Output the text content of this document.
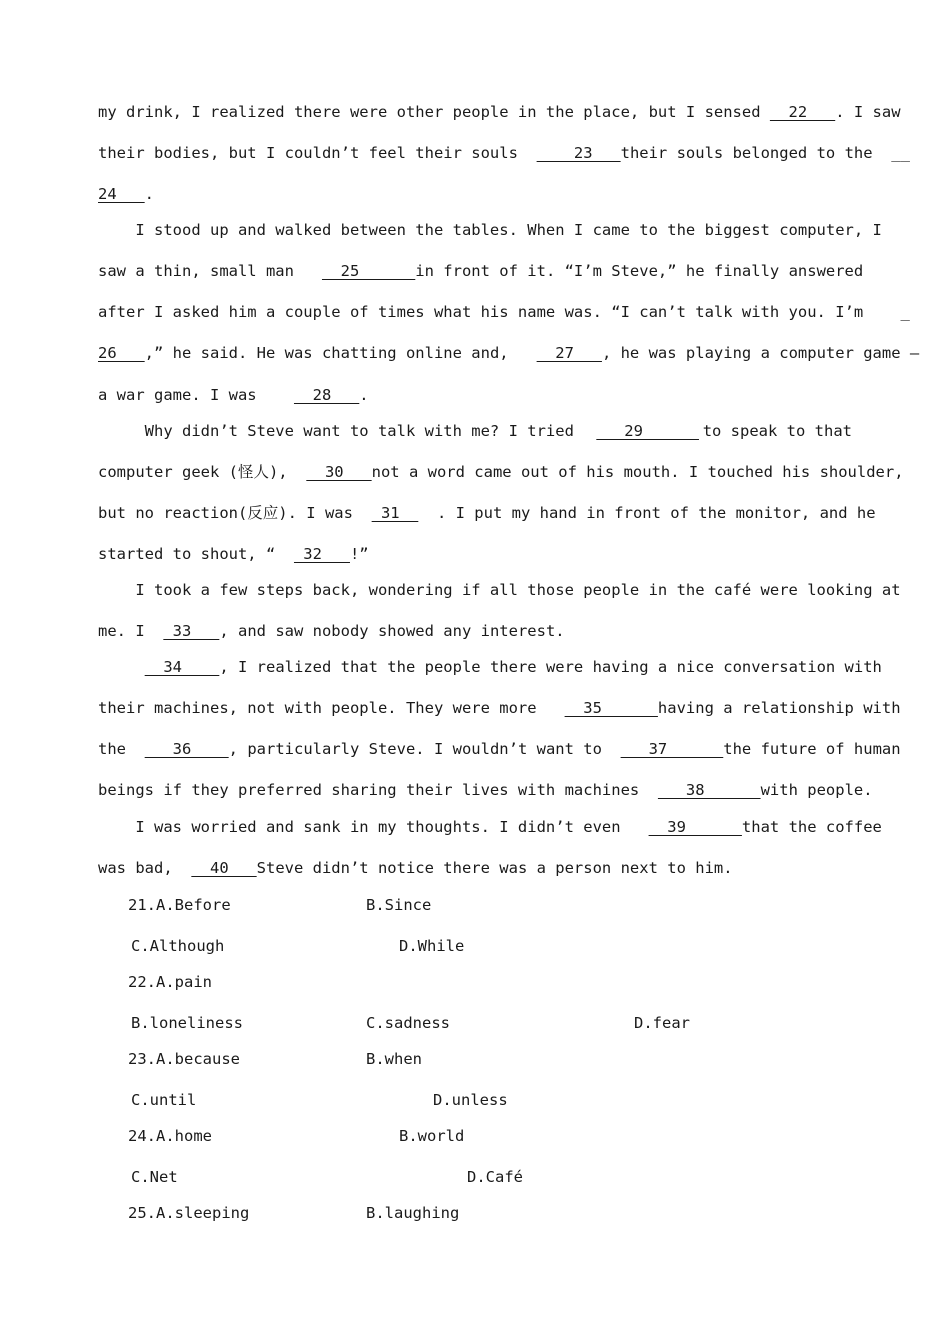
my drink, I realized there were other people in the place, but I sensed 22 . I saw
their bodies, but I couldn’t feel their souls 23 their souls belonged to the __
24   .
I stood up and walked between the tables. When I came to the biggest computer, I
saw a thin, small man 25 in front of it. “I’m Steve,” he finally answered
after I asked him a couple of times what his name was. “I can’t talk with you. I’m    _
26 ,” he said. He was chatting online and, 27 , he was playing a computer game —
a war game. I was      28   .
Why didn’t Steve want to talk with me? I tried 29 to speak to that
computer geek (怪人), 30 not a word came out of his mouth. I touched his shoulder,
but no reaction(反应). I was 31 . I put my hand in front of the monitor, and he
started to shout, “   32   !”
I took a few steps back, wondering if all those people in the café were looking at
me. I   33   , and saw nobody showed any interest.

34 , I realized that the people there were having a nice conversation with
their machines, not with people. They were more 35 having a relationship with
the 36 , particularly Steve. I wouldn’t want to 37 the future of human
beings if they preferred sharing their lives with machines 38 with people.
I was worried and sank in my thoughts. I didn’t even 39 that the coffee
was bad,    40   Steve didn’t notice there was a person next to him.
21.A.Before	B.Since
C.Although	D.While
22.A.pain
B.loneliness	C.sadness	D.fear
23.A.because	B.when
C.until	D.unless
24.A.home	B.world
C.Net	D.Café
25.A.sleeping	B.laughing
